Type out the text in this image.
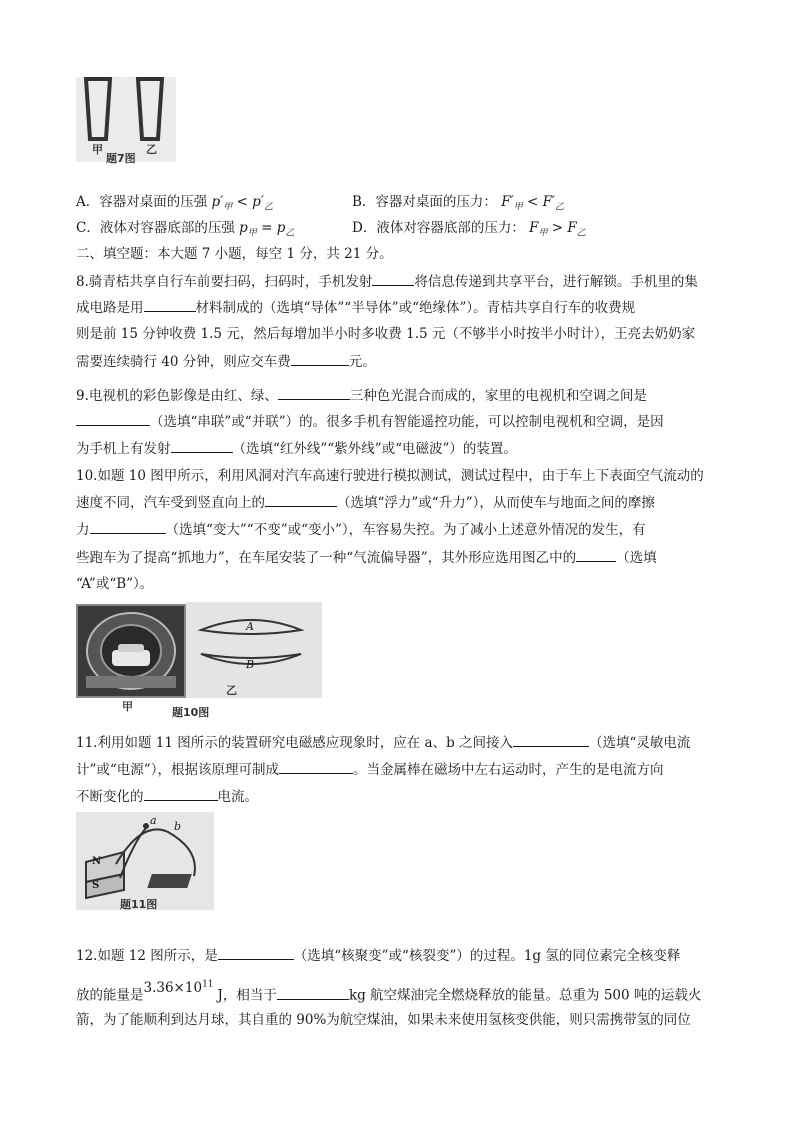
甲	乙
题7图
A．容器对桌面的压强 $p'_甲 < p'_乙$	B．容器对桌面的压力： $F'_甲 < F'_乙$
C．液体对容器底部的压强 $p_甲 = p_乙$	D．液体对容器底部的压力： $F_甲 > F_乙$
二、填空题：本大题 7 小题，每空 1 分，共 21 分。
8.骑青桔共享自行车前要扫码，扫码时，手机发射	将信息传递到共享平台，进行解锁。手机里的集
成电路是用	材料制成的（选填“导体”“半导体”或“绝缘体”）。青桔共享自行车的收费规
则是前 15 分钟收费 1.5 元，然后每增加半小时多收费 1.5 元（不够半小时按半小时计），王亮去奶奶家
需要连续骑行 40 分钟，则应交车费	元。
9.电视机的彩色影像是由红、绿、	三种色光混合而成的，家里的电视机和空调之间是
（选填“串联”或“并联”）的。很多手机有智能遥控功能，可以控制电视机和空调，是因
为手机上有发射	（选填“红外线”“紫外线”或“电磁波”）的装置。
10.如题 10 图甲所示，利用风洞对汽车高速行驶进行模拟测试，测试过程中，由于车上下表面空气流动的
速度不同，汽车受到竖直向上的	（选填“浮力”或“升力”），从而使车与地面之间的摩擦
力	（选填“变大”“不变”或“变小”），车容易失控。为了减小上述意外情况的发生，有
些跑车为了提高“抓地力”，在车尾安装了一种“气流偏导器”，其外形应选用图乙中的	（选填
“A”或“B”）。
A
B
乙
甲	题10图
11.利用如题 11 图所示的装置研究电磁感应现象时，应在 a、b 之间接入	（选填“灵敏电流
计”或“电源”），根据该原理可制成	。当金属棒在磁场中左右运动时，产生的是电流方向
不断变化的	电流。
a b
N
S
题11图
12.如题 12 图所示，是	（选填“核聚变”或“核裂变”）的过程。1g 氢的同位素完全核变释
放的能量是$3.36\times 10^{11}J$，相当于	kg 航空煤油完全燃烧释放的能量。总重为 500 吨的运载火
箭，为了能顺利到达月球，其自重的 90%为航空煤油，如果未来使用氢核变供能，则只需携带氢的同位
